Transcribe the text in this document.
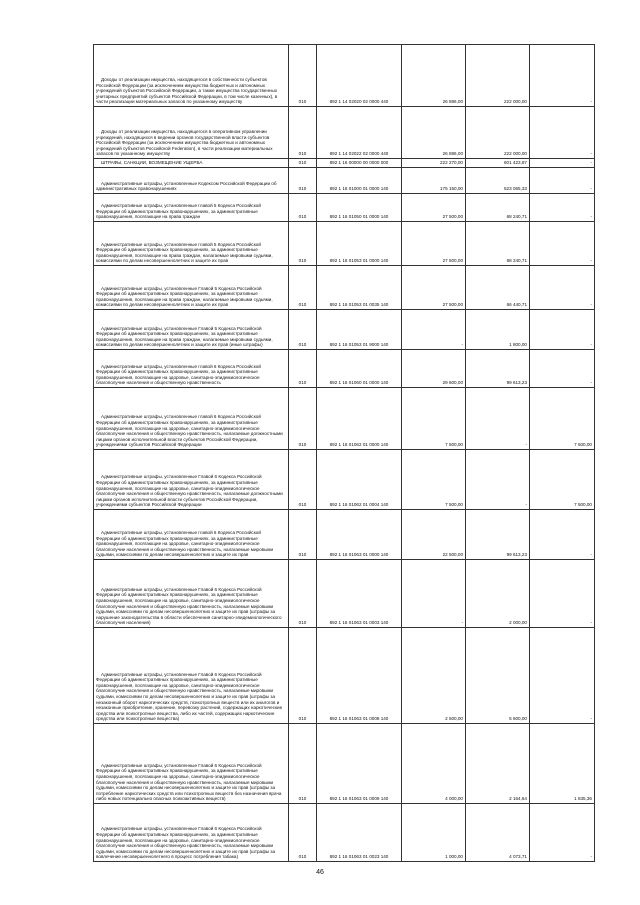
Доходы от реализации имущества, находящегося в собственности субъектов Российской Федерации (за исключением имущества бюджетных и автономных учреждений субъектов Российской Федерации, а также имущества государственных унитарных предприятий субъектов Российской Федерации, в том числе казенных), в части реализации материальных запасов по указанному имуществу	010	892 1 14 02020 02 0000 440	26 886,00	222 000,00	-

Доходы от реализации имущества, находящегося в оперативном управлении учреждений, находящихся в ведении органов государственной власти субъектов Российской Федерации (за исключением имущества бюджетных и автономных учреждений субъектов Российской Federation), в части реализации материальных запасов по указанному имуществу	010	892 1 14 02022 02 0000 440	26 886,00	222 000,00	-

ШТРАФЫ, САНКЦИИ, ВОЗМЕЩЕНИЕ УЩЕРБА	010	892 1 16 00000 00 0000 000	222 270,00	601 423,87	-

Административные штрафы, установленные Кодексом Российской Федерации об административных правонарушениях	010	892 1 16 01000 01 0000 140	175 150,00	523 065,33	-

Административные штрафы, установленные главой 5 Кодекса Российской Федерации об административных правонарушениях, за административные правонарушения, посягающие на права граждан	010	892 1 16 01050 01 0000 140	27 500,00	68 240,71	-

Административные штрафы, установленные главой 5 Кодекса Российской Федерации об административных правонарушениях, за административные правонарушения, посягающие на права граждан, налагаемые мировыми судьями, комиссиями по делам несовершеннолетних и защите их прав	010	892 1 16 01053 01 0000 140	27 500,00	68 240,71	-

Административные штрафы, установленные Главой 5 Кодекса Российской Федерации об административных правонарушениях, за административные правонарушения, посягающие на права граждан, налагаемые мировыми судьями, комиссиями по делам несовершеннолетних и защите их прав	010	892 1 16 01053 01 0035 140	27 500,00	66 440,71	-

Административные штрафы, установленные Главой 5 Кодекса Российской Федерации об административных правонарушениях, за административные правонарушения, посягающие на права граждан, налагаемые мировыми судьями, комиссиями по делам несовершеннолетних и защите их прав (иные штрафы)	010	892 1 16 01053 01 9000 140	-	1 800,00	-

Административные штрафы, установленные главой 6 Кодекса Российской Федерации об административных правонарушениях, за административные правонарушения, посягающие на здоровье, санитарно-эпидемиологическое благополучие населения и общественную нравственность	010	892 1 16 01060 01 0000 140	29 600,00	99 613,23	-

Административные штрафы, установленные главой 6 Кодекса Российской Федерации об административных правонарушениях, за административные правонарушения, посягающие на здоровье, санитарно-эпидемиологическое благополучие населения и общественную нравственность, налагаемые должностными лицами органов исполнительной власти субъектов Российской Федерации, учреждениями субъектов Российской Федерации	010	892 1 16 01062 01 0000 140	7 500,00	-	7 500,00

Административные штрафы, установленные Главой 6 Кодекса Российской Федерации об административных правонарушениях, за административные правонарушения, посягающие на здоровье, санитарно-эпидемиологическое благополучие населения и общественную нравственность, налагаемые должностными лицами органов исполнительной власти субъектов Российской Федерации, учреждениями субъектов Российской Федерации	010	892 1 16 01062 01 0004 140	7 500,00	-	7 500,00

Административные штрафы, установленные главой 6 Кодекса Российской Федерации об административных правонарушениях, за административные правонарушения, посягающие на здоровье, санитарно-эпидемиологическое благополучие населения и общественную нравственность, налагаемые мировыми судьями, комиссиями по делам несовершеннолетних и защите их прав	010	892 1 16 01063 01 0000 140	22 500,00	99 613,23	-

Административные штрафы, установленные Главой 6 Кодекса Российской Федерации об административных правонарушениях, за административные правонарушения, посягающие на здоровье, санитарно-эпидемиологическое благополучие населения и общественную нравственность, налагаемые мировыми судьями, комиссиями по делам несовершеннолетних и защите их прав (штрафы за нарушение законодательства в области обеспечения санитарно-эпидемиологического благополучия населения)	010	892 1 16 01063 01 0003 140	-	2 000,00	-

Административные штрафы, установленные Главой 6 Кодекса Российской Федерации об административных правонарушениях, за административные правонарушения, посягающие на здоровье, санитарно-эпидемиологическое благополучие населения и общественную нравственность, налагаемые мировыми судьями, комиссиями по делам несовершеннолетних и защите их прав (штрафы за незаконный оборот наркотических средств, психотропных веществ или их аналогов и незаконные приобретение, хранение, перевозку растений, содержащих наркотические средства или психотропные вещества, либо их частей, содержащих наркотические средства или психотропные вещества)	010	892 1 16 01063 01 0008 140	2 500,00	5 600,00	-

Административные штрафы, установленные Главой 6 Кодекса Российской Федерации об административных правонарушениях, за административные правонарушения, посягающие на здоровье, санитарно-эпидемиологическое благополучие населения и общественную нравственность, налагаемые мировыми судьями, комиссиями по делам несовершеннолетних и защите их прав (штрафы за потребление наркотических средств или психотропных веществ без назначения врача либо новых потенциально опасных психоактивных веществ)	010	892 1 16 01063 01 0009 140	4 000,00	2 164,64	1 835,36

Административные штрафы, установленные Главой 6 Кодекса Российской Федерации об административных правонарушениях, за административные правонарушения, посягающие на здоровье, санитарно-эпидемиологическое благополучие населения и общественную нравственность, налагаемые мировыми судьями, комиссиями по делам несовершеннолетних и защите их прав (штрафы за вовлечение несовершеннолетнего в процесс потребления табака)	010	892 1 16 01063 01 0023 140	1 000,00	4 073,71	-
46
